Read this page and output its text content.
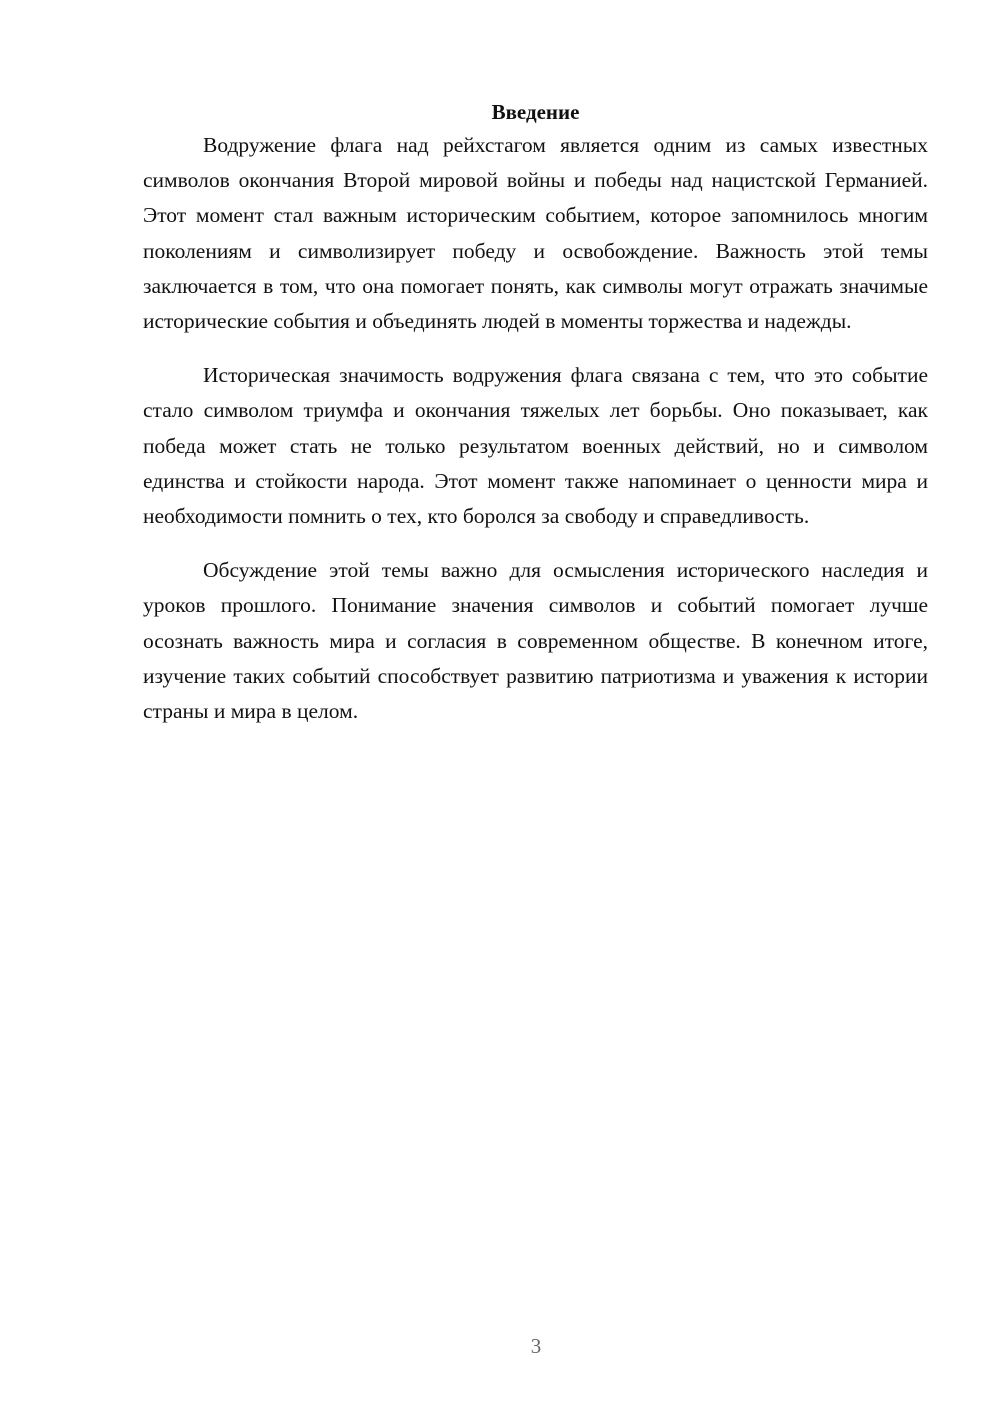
Введение

Водружение флага над рейхстагом является одним из самых известных символов окончания Второй мировой войны и победы над нацистской Германией. Этот момент стал важным историческим событием, которое запомнилось многим поколениям и символизирует победу и освобождение. Важность этой темы заключается в том, что она помогает понять, как символы могут отражать значимые исторические события и объединять людей в моменты торжества и надежды.

Историческая значимость водружения флага связана с тем, что это событие стало символом триумфа и окончания тяжелых лет борьбы. Оно показывает, как победа может стать не только результатом военных действий, но и символом единства и стойкости народа. Этот момент также напоминает о ценности мира и необходимости помнить о тех, кто боролся за свободу и справедливость.

Обсуждение этой темы важно для осмысления исторического наследия и уроков прошлого. Понимание значения символов и событий помогает лучше осознать важность мира и согласия в современном обществе. В конечном итоге, изучение таких событий способствует развитию патриотизма и уважения к истории страны и мира в целом.

3
